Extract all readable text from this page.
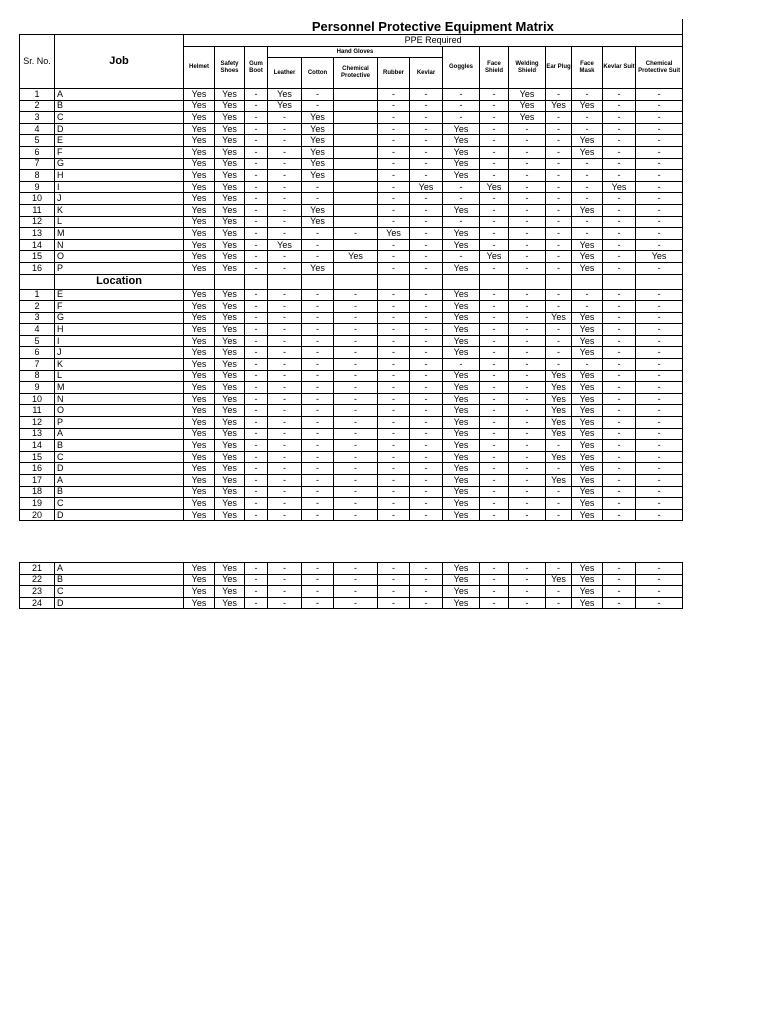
		Personnel Protective Equipment Matrix														
Sr. No.	Job	PPE Required														
		Helmet	Safety Shoes	Gum Boot	Hand Gloves					Goggles	Face Shield	Welding Shield	Ear Plug	Face Mask	Kevlar Suit	Chemical Protective Suit
					Leather	Cotton	Chemical Protective	Rubber	Kevlar							

1	A	Yes	Yes	-	Yes	-		-	-	-	-	Yes	-	-	-	-
2	B	Yes	Yes	-	Yes	-		-	-	-	-	Yes	Yes	Yes	-	-
3	C	Yes	Yes	-	-	Yes		-	-	-	-	Yes	-	-	-	-
4	D	Yes	Yes	-	-	Yes		-	-	Yes	-	-	-	-	-	-
5	E	Yes	Yes	-	-	Yes		-	-	Yes	-	-	-	Yes	-	-
6	F	Yes	Yes	-	-	Yes		-	-	Yes	-	-	-	Yes	-	-
7	G	Yes	Yes	-	-	Yes		-	-	Yes	-	-	-	-	-	-
8	H	Yes	Yes	-	-	Yes		-	-	Yes	-	-	-	-	-	-
9	I	Yes	Yes	-	-	-		-	Yes	-	Yes	-	-	-	Yes	-
10	J	Yes	Yes	-	-	-		-	-	-	-	-	-	-	-	-
11	K	Yes	Yes	-	-	Yes		-	-	Yes	-	-	-	Yes	-	-
12	L	Yes	Yes	-	-	Yes		-	-	-	-	-	-	-	-	-
13	M	Yes	Yes	-	-	-	-	Yes	-	Yes	-	-	-	-	-	-
14	N	Yes	Yes	-	Yes	-		-	-	Yes	-	-	-	Yes	-	-
15	O	Yes	Yes	-	-	-	Yes	-	-	-	Yes	-	-	Yes	-	Yes
16	P	Yes	Yes	-	-	Yes		-	-	Yes	-	-	-	Yes	-	-
	Location															
1	E	Yes	Yes	-	-	-	-	-	-	Yes	-	-	-	-	-	-
2	F	Yes	Yes	-	-	-	-	-	-	Yes	-	-	-	-	-	-
3	G	Yes	Yes	-	-	-	-	-	-	Yes	-	-	Yes	Yes	-	-
4	H	Yes	Yes	-	-	-	-	-	-	Yes	-	-	-	Yes	-	-
5	I	Yes	Yes	-	-	-	-	-	-	Yes	-	-	-	Yes	-	-
6	J	Yes	Yes	-	-	-	-	-	-	Yes	-	-	-	Yes	-	-
7	K	Yes	Yes	-	-	-	-	-	-	-	-	-	-	-	-	-
8	L	Yes	Yes	-	-	-	-	-	-	Yes	-	-	Yes	Yes	-	-
9	M	Yes	Yes	-	-	-	-	-	-	Yes	-	-	Yes	Yes	-	-
10	N	Yes	Yes	-	-	-	-	-	-	Yes	-	-	Yes	Yes	-	-
11	O	Yes	Yes	-	-	-	-	-	-	Yes	-	-	Yes	Yes	-	-
12	P	Yes	Yes	-	-	-	-	-	-	Yes	-	-	Yes	Yes	-	-
13	A	Yes	Yes	-	-	-	-	-	-	Yes	-	-	Yes	Yes	-	-
14	B	Yes	Yes	-	-	-	-	-	-	Yes	-	-	-	Yes	-	-
15	C	Yes	Yes	-	-	-	-	-	-	Yes	-	-	Yes	Yes	-	-
16	D	Yes	Yes	-	-	-	-	-	-	Yes	-	-	-	Yes	-	-
17	A	Yes	Yes	-	-	-	-	-	-	Yes	-	-	Yes	Yes	-	-
18	B	Yes	Yes	-	-	-	-	-	-	Yes	-	-	-	Yes	-	-
19	C	Yes	Yes	-	-	-	-	-	-	Yes	-	-	-	Yes	-	-
20	D	Yes	Yes	-	-	-	-	-	-	Yes	-	-	-	Yes	-	-
21	A	Yes	Yes	-	-	-	-	-	-	Yes	-	-	-	Yes	-	-
22	B	Yes	Yes	-	-	-	-	-	-	Yes	-	-	Yes	Yes	-	-
23	C	Yes	Yes	-	-	-	-	-	-	Yes	-	-	-	Yes	-	-
24	D	Yes	Yes	-	-	-	-	-	-	Yes	-	-	-	Yes	-	-
